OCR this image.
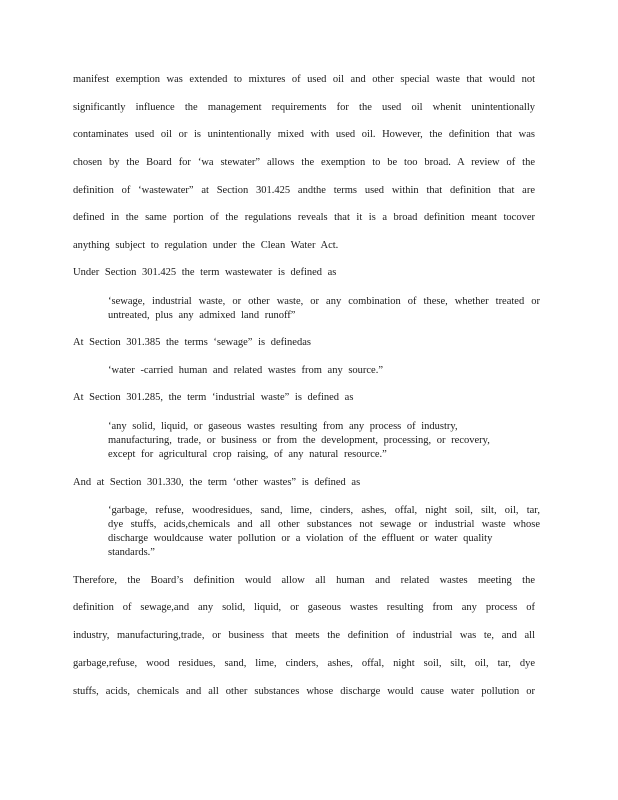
manifest exemption was extended to mixtures of used oil and other special waste that would not
significantly influence the management requirements for the used oil whenit unintentionally
contaminates used oil or is unintentionally mixed with used oil. However, the definition that was
chosen by the Board for ‘wa stewater” allows the exemption to be too broad. A review of the
definition of ‘wastewater” at Section 301.425 andthe terms used within that definition that are
defined in the same portion of the regulations reveals that it is a broad definition meant tocover
anything subject to regulation under the Clean Water Act.
Under Section 301.425 the term wastewater is defined as
‘sewage, industrial waste, or other waste, or any combination of these, whether treated or
untreated, plus any admixed land runoff”
At Section 301.385 the terms ‘sewage” is definedas
‘water -carried human and related wastes from any source.”
At Section 301.285, the term ‘industrial waste” is defined as
‘any solid, liquid, or gaseous wastes resulting from any process of industry,
manufacturing, trade, or business or from the development, processing, or recovery,
except for agricultural crop raising, of any natural resource.”
And at Section 301.330, the term ‘other wastes” is defined as
‘garbage, refuse, woodresidues, sand, lime, cinders, ashes, offal, night soil, silt, oil, tar,
dye stuffs, acids,chemicals and all other substances not sewage or industrial waste whose
discharge wouldcause water pollution or a violation of the effluent or water quality
standards.”
Therefore, the Board’s definition would allow all human and related wastes meeting the
definition of sewage,and any solid, liquid, or gaseous wastes resulting from any process of
industry, manufacturing,trade, or business that meets the definition of industrial was te, and all
garbage,refuse, wood residues, sand, lime, cinders, ashes, offal, night soil, silt, oil, tar, dye
stuffs, acids, chemicals and all other substances whose discharge would cause water pollution or
